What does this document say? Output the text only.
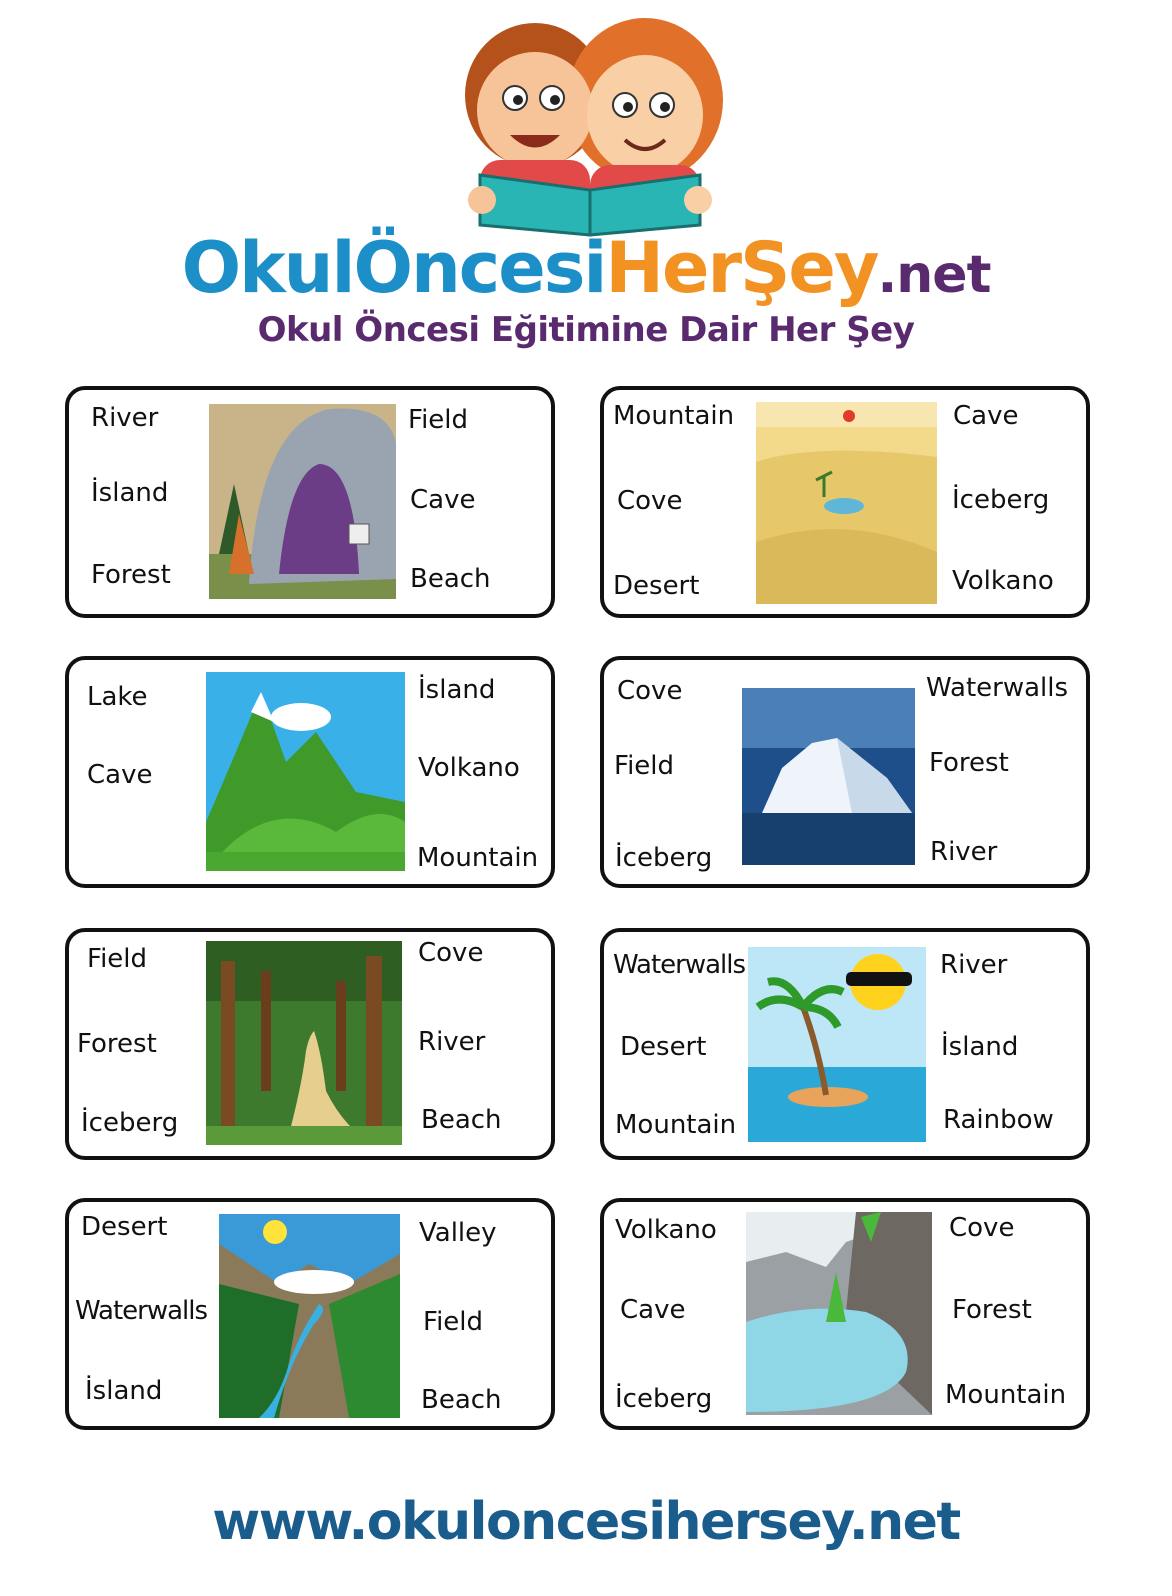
OkulÖncesiHerŞey.net
Okul Öncesi Eğitimine Dair Her Şey
River
İsland
Forest
Field
Cave
Beach
Mountain
Cove
Desert
Cave
İceberg
Volkano
Lake
Cave
İsland
Volkano
Mountain
Cove
Field
İceberg
Waterwalls
Forest
River
Field
Forest
İceberg
Cove
River
Beach
Waterwalls
Desert
Mountain
River
İsland
Rainbow
Desert
Waterwalls
İsland
Valley
Field
Beach
Volkano
Cave
İceberg
Cove
Forest
Mountain
www.okuloncesihersey.net
